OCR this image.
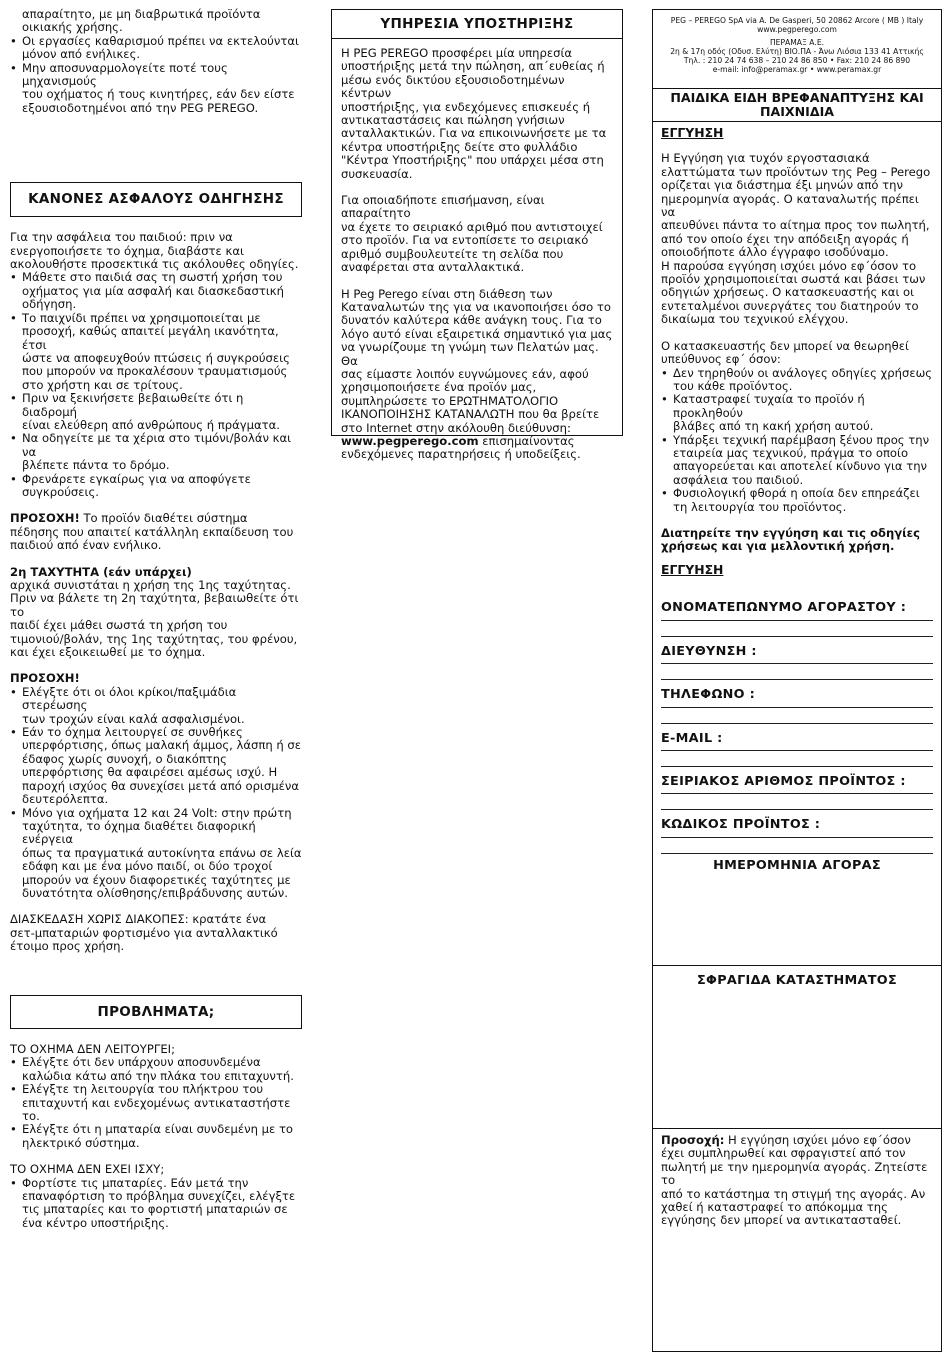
απαραίτητο, με μη διαβρωτικά προϊόντα

οικιακής χρήσης.

• Οι εργασίες καθαρισμού πρέπει να εκτελούνται

μόνον από ενήλικες.

• Μην αποσυναρμολογείτε ποτέ τους μηχανισμούς

του οχήματος ή τους κινητήρες, εάν δεν είστε

εξουσιοδοτημένοι από την PEG PEREGO.

ΚΑΝΟΝΕΣ ΑΣΦΑΛΟΥΣ ΟΔΗΓΗΣΗΣ

Για την ασφάλεια του παιδιού: πριν να

ενεργοποιήσετε το όχημα, διαβάστε και

ακολουθήστε προσεκτικά τις ακόλουθες οδηγίες.

• Μάθετε στο παιδιά σας τη σωστή χρήση του

οχήματος για μία ασφαλή και διασκεδαστική

οδήγηση.

• Το παιχνίδι πρέπει να χρησιμοποιείται με

προσοχή, καθώς απαιτεί μεγάλη ικανότητα, έτσι

ώστε να αποφευχθούν πτώσεις ή συγκρούσεις

που μπορούν να προκαλέσουν τραυματισμούς

στο χρήστη και σε τρίτους.

• Πριν να ξεκινήσετε βεβαιωθείτε ότι η διαδρομή

είναι ελεύθερη από ανθρώπους ή πράγματα.

• Να οδηγείτε με τα χέρια στο τιμόνι/βολάν και να

βλέπετε πάντα το δρόμο.

• Φρενάρετε εγκαίρως για να αποφύγετε

συγκρούσεις.

ΠΡΟΣΟΧΗ! Το προϊόν διαθέτει σύστημα

πέδησης που απαιτεί κατάλληλη εκπαίδευση του

παιδιού από έναν ενήλικο.

2η ΤΑΧΥΤΗΤΑ (εάν υπάρχει)

αρχικά συνιστάται η χρήση της 1ης ταχύτητας.

Πριν να βάλετε τη 2η ταχύτητα, βεβαιωθείτε ότι το

παιδί έχει μάθει σωστά τη χρήση του

τιμονιού/βολάν, της 1ης ταχύτητας, του φρένου,

και έχει εξοικειωθεί με το όχημα.

ΠΡΟΣΟΧΗ!

• Ελέγξτε ότι οι όλοι κρίκοι/παξιμάδια στερέωσης

των τροχών είναι καλά ασφαλισμένοι.

• Εάν το όχημα λειτουργεί σε συνθήκες

υπερφόρτισης, όπως μαλακή άμμος, λάσπη ή σε

έδαφος χωρίς συνοχή, ο διακόπτης

υπερφόρτισης θα αφαιρέσει αμέσως ισχύ. Η

παροχή ισχύος θα συνεχίσει μετά από ορισμένα

δευτερόλεπτα.

• Μόνο για οχήματα 12 και 24 Volt: στην πρώτη

ταχύτητα, το όχημα διαθέτει διαφορική ενέργεια

όπως τα πραγματικά αυτοκίνητα επάνω σε λεία

εδάφη και με ένα μόνο παιδί, οι δύο τροχοί

μπορούν να έχουν διαφορετικές ταχύτητες με

δυνατότητα ολίσθησης/επιβράδυνσης αυτών.

ΔΙΑΣΚΕΔΑΣΗ ΧΩΡΙΣ ΔΙΑΚΟΠΕΣ: κρατάτε ένα

σετ-μπαταριών φορτισμένο για ανταλλακτικό

έτοιμο προς χρήση.

ΠΡΟΒΛΗΜΑΤΑ;

ΤΟ ΟΧΗΜΑ ΔΕΝ ΛΕΙΤΟΥΡΓΕΙ;

• Ελέγξτε ότι δεν υπάρχουν αποσυνδεμένα

καλώδια κάτω από την πλάκα του επιταχυντή.

• Ελέγξτε τη λειτουργία του πλήκτρου του

επιταχυντή και ενδεχομένως αντικαταστήστε το.

• Ελέγξτε ότι η μπαταρία είναι συνδεμένη με το

ηλεκτρικό σύστημα.

ΤΟ ΟΧΗΜΑ ΔΕΝ ΕΧΕΙ ΙΣΧΥ;

• Φορτίστε τις μπαταρίες. Εάν μετά την

επαναφόρτιση το πρόβλημα συνεχίζει, ελέγξτε

τις μπαταρίες και το φορτιστή μπαταριών σε

ένα κέντρο υποστήριξης.

ΥΠΗΡΕΣΙΑ ΥΠΟΣΤΗΡΙΞΗΣ

Η PEG PEREGO προσφέρει μία υπηρεσία

υποστήριξης μετά την πώληση, απ΄ευθείας ή

μέσω ενός δικτύου εξουσιοδοτημένων κέντρων

υποστήριξης, για ενδεχόμενες επισκευές ή

αντικαταστάσεις και πώληση γνήσιων

ανταλλακτικών. Για να επικοινωνήσετε με τα

κέντρα υποστήριξης δείτε στο φυλλάδιο

"Κέντρα Υποστήριξης" που υπάρχει μέσα στη

συσκευασία.

Για οποιαδήποτε επισήμανση, είναι απαραίτητο

να έχετε το σειριακό αριθμό που αντιστοιχεί

στο προϊόν. Για να εντοπίσετε το σειριακό

αριθμό συμβουλευτείτε τη σελίδα που

αναφέρεται στα ανταλλακτικά.

Η Peg Perego είναι στη διάθεση των

Καταναλωτών της για να ικανοποιήσει όσο το

δυνατόν καλύτερα κάθε ανάγκη τους. Για το

λόγο αυτό είναι εξαιρετικά σημαντικό για μας

να γνωρίζουμε τη γνώμη των Πελατών μας. Θα

σας είμαστε λοιπόν ευγνώμονες εάν, αφού

χρησιμοποιήσετε ένα προϊόν μας,

συμπληρώσετε το ΕΡΩΤΗΜΑΤΟΛΟΓΙΟ

ΙΚΑΝΟΠΟΙΗΣΗΣ ΚΑΤΑΝΑΛΩΤΗ που θα βρείτε

στο Internet στην ακόλουθη διεύθυνση:

www.pegperego.com επισημαίνοντας

ενδεχόμενες παρατηρήσεις ή υποδείξεις.

PEG – PEREGO SpA via A. De Gasperi, 50 20862 Arcore ( MB ) Italy

www.pegperego.com

ΠΕΡΑΜΑΞ Α.Ε.

2η & 17η οδός (Οδυσ. Ελύτη) ΒΙΟ.ΠΑ - Άνω Λιόσια 133 41 Αττικής

Τηλ. : 210 24 74 638 – 210 24 86 850 • Fax: 210 24 86 890

e-mail: info@peramax.gr • www.peramax.gr

ΠΑΙΔΙΚΑ ΕΙΔΗ ΒΡΕΦΑΝΑΠΤΥΞΗΣ ΚΑΙ

ΠΑΙΧΝΙΔΙΑ

ΕΓΓΥΗΣΗ

Η Εγγύηση για τυχόν εργοστασιακά

ελαττώματα των προϊόντων της Peg – Perego

ορίζεται για διάστημα έξι μηνών από την

ημερομηνία αγοράς. Ο καταναλωτής πρέπει να

απευθύνει πάντα το αίτημα προς τον πωλητή,

από τον οποίο έχει την απόδειξη αγοράς ή

οποιοδήποτε άλλο έγγραφο ισοδύναμο.

Η παρούσα εγγύηση ισχύει μόνο εφ΄όσον το

προϊόν χρησιμοποιείται σωστά και βάσει των

οδηγιών χρήσεως. Ο κατασκευαστής και οι

εντεταλμένοι συνεργάτες του διατηρούν το

δικαίωμα του τεχνικού ελέγχου.

Ο κατασκευαστής δεν μπορεί να θεωρηθεί

υπεύθυνος εφ΄ όσον:

• Δεν τηρηθούν οι ανάλογες οδηγίες χρήσεως

του κάθε προϊόντος.

• Καταστραφεί τυχαία το προϊόν ή προκληθούν

βλάβες από τη κακή χρήση αυτού.

• Υπάρξει τεχνική παρέμβαση ξένου προς την

εταιρεία μας τεχνικού, πράγμα το οποίο

απαγορεύεται και αποτελεί κίνδυνο για την

ασφάλεια του παιδιού.

• Φυσιολογική φθορά η οποία δεν επηρεάζει

τη λειτουργία του προϊόντος.

Διατηρείτε την εγγύηση και τις οδηγίες

χρήσεως και για μελλοντική χρήση.

ΕΓΓΥΗΣΗ

ΟΝΟΜΑΤΕΠΩΝΥΜΟ ΑΓΟΡΑΣΤΟΥ :

ΔΙΕΥΘΥΝΣΗ :

ΤΗΛΕΦΩΝΟ :

E-MAIL :

ΣΕΙΡΙΑΚΟΣ ΑΡΙΘΜΟΣ ΠΡΟΪΝΤΟΣ :

ΚΩΔΙΚΟΣ ΠΡΟΪΝΤΟΣ :

ΗΜΕΡΟΜΗΝΙΑ ΑΓΟΡΑΣ

ΣΦΡΑΓΙΔΑ ΚΑΤΑΣΤΗΜΑΤΟΣ

Προσοχή: Η εγγύηση ισχύει μόνο εφ΄όσον

έχει συμπληρωθεί και σφραγιστεί από τον

πωλητή με την ημερομηνία αγοράς. Ζητείστε το

από το κατάστημα τη στιγμή της αγοράς. Αν

χαθεί ή καταστραφεί το απόκομμα της

εγγύησης δεν μπορεί να αντικατασταθεί.
